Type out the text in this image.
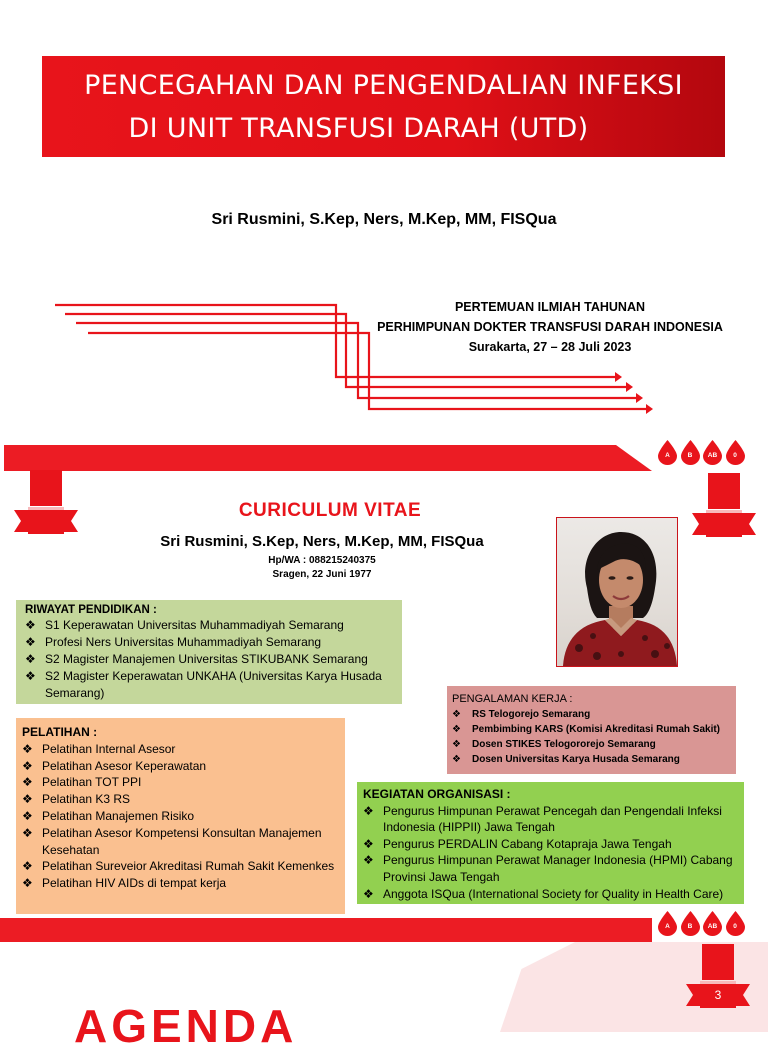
PENCEGAHAN DAN PENGENDALIAN INFEKSI
DI UNIT TRANSFUSI DARAH (UTD)
Sri Rusmini, S.Kep, Ners, M.Kep, MM, FISQua
PERTEMUAN ILMIAH TAHUNAN
PERHIMPUNAN DOKTER TRANSFUSI DARAH INDONESIA
Surakarta, 27 – 28 Juli 2023
A	B	AB	0
CURICULUM VITAE
Sri Rusmini, S.Kep, Ners, M.Kep, MM, FISQua
Hp/WA : 088215240375
Sragen, 22 Juni 1977
RIWAYAT PENDIDIKAN :
❖ S1 Keperawatan Universitas Muhammadiyah Semarang
❖ Profesi Ners Universitas Muhammadiyah Semarang
❖ S2 Magister Manajemen Universitas STIKUBANK Semarang
❖ S2 Magister Keperawatan UNKAHA (Universitas Karya Husada Semarang)	PENGALAMAN KERJA :
❖ RS Telogorejo Semarang
❖ Pembimbing KARS (Komisi Akreditasi Rumah Sakit)
❖ Dosen STIKES Telogororejo Semarang
❖ Dosen Universitas Karya Husada Semarang
PELATIHAN :
❖ Pelatihan Internal Asesor
❖ Pelatihan Asesor Keperawatan
❖ Pelatihan TOT PPI
❖ Pelatihan K3 RS
❖ Pelatihan Manajemen Risiko
❖ Pelatihan Asesor Kompetensi Konsultan Manajemen Kesehatan
❖ Pelatihan Sureveior Akreditasi Rumah Sakit Kemenkes
❖ Pelatihan HIV AIDs di tempat kerja
KEGIATAN ORGANISASI :
❖ Pengurus Himpunan Perawat Pencegah dan Pengendali Infeksi Indonesia (HIPPII) Jawa Tengah
❖ Pengurus PERDALIN Cabang Kotapraja Jawa Tengah
❖ Pengurus Himpunan Perawat Manager Indonesia (HPMI) Cabang Provinsi Jawa Tengah
❖ Anggota ISQua (International Society for Quality in Health Care)
A	B	AB	0
3
AGENDA
